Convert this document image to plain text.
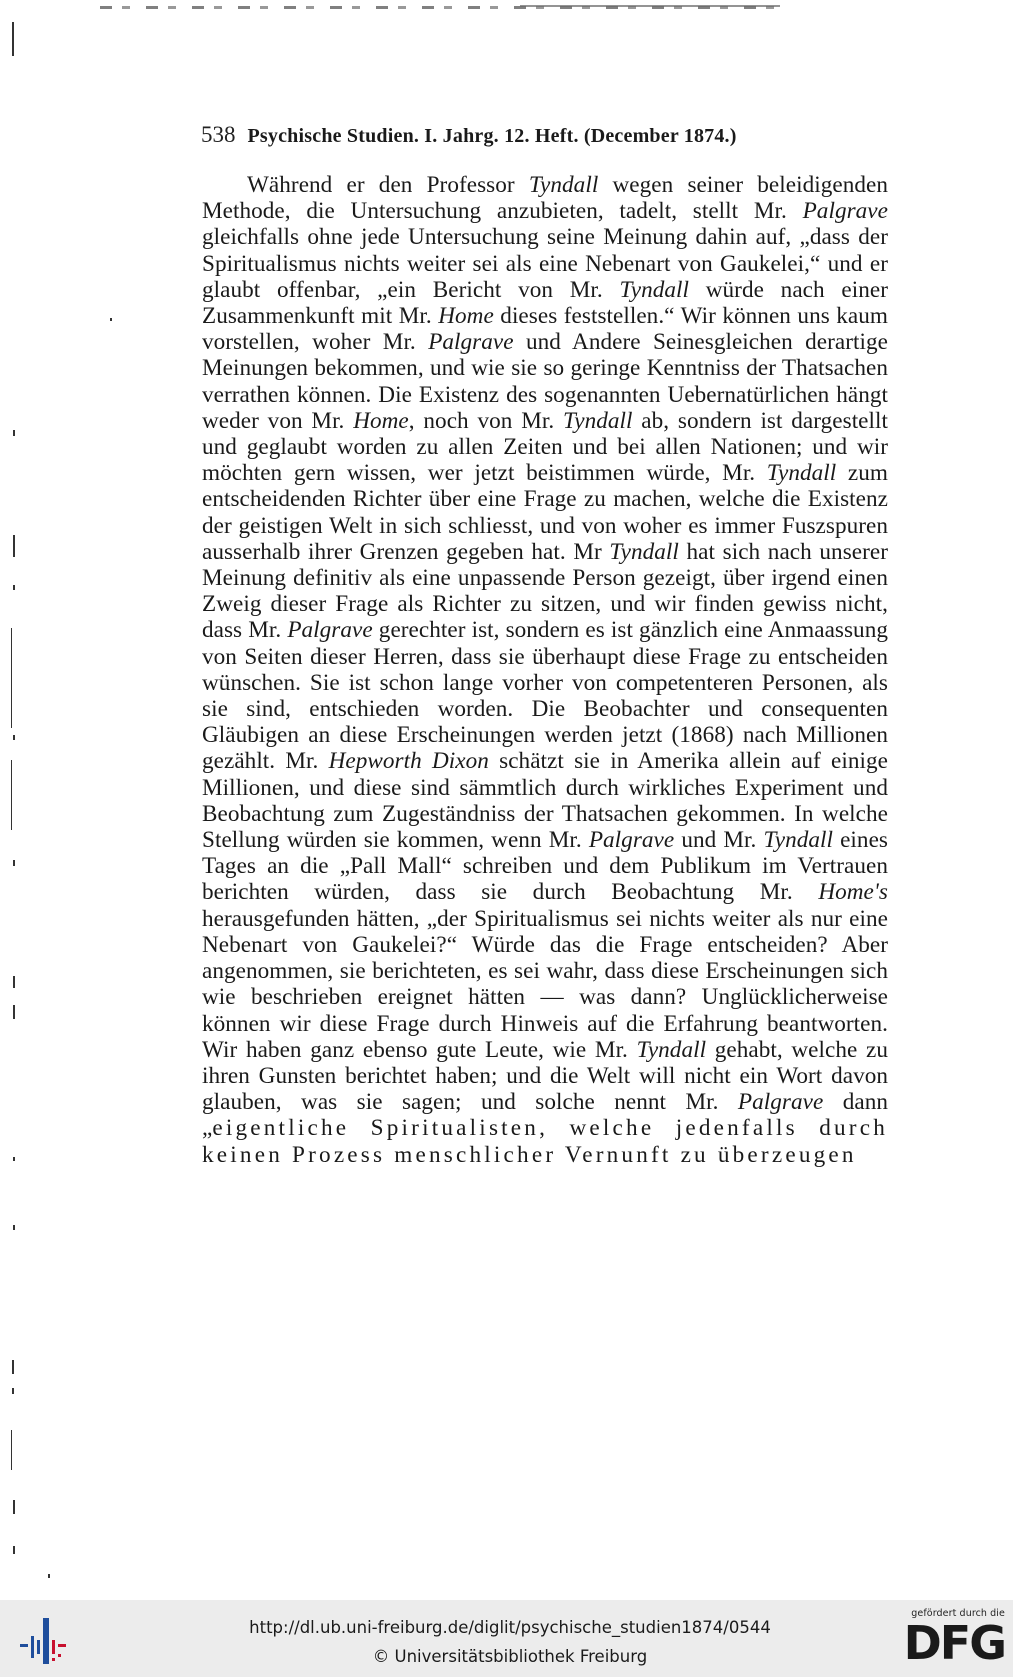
538 Psychische Studien. I. Jahrg. 12. Heft. (December 1874.)

Während er den Professor Tyndall wegen seiner beleidigenden Methode, die Untersuchung anzubieten, tadelt, stellt Mr. Palgrave gleichfalls ohne jede Untersuchung seine Meinung dahin auf, „dass der Spiritualismus nichts weiter sei als eine Nebenart von Gaukelei,“ und er glaubt offenbar, „ein Bericht von Mr. Tyndall würde nach einer Zusammenkunft mit Mr. Home dieses feststellen.“ Wir können uns kaum vorstellen, woher Mr. Palgrave und Andere Seinesgleichen derartige Meinungen bekommen, und wie sie so geringe Kenntniss der Thatsachen verrathen können. Die Existenz des sogenannten Uebernatürlichen hängt weder von Mr. Home, noch von Mr. Tyndall ab, sondern ist dargestellt und geglaubt worden zu allen Zeiten und bei allen Nationen; und wir möchten gern wissen, wer jetzt beistimmen würde, Mr. Tyndall zum entscheidenden Richter über eine Frage zu machen, welche die Existenz der geistigen Welt in sich schliesst, und von woher es immer Fuszspuren ausserhalb ihrer Grenzen gegeben hat. Mr Tyndall hat sich nach unserer Meinung definitiv als eine unpassende Person gezeigt, über irgend einen Zweig dieser Frage als Richter zu sitzen, und wir finden gewiss nicht, dass Mr. Palgrave gerechter ist, sondern es ist gänzlich eine Anmaassung von Seiten dieser Herren, dass sie überhaupt diese Frage zu entscheiden wünschen. Sie ist schon lange vorher von competenteren Personen, als sie sind, entschieden worden. Die Beobachter und consequenten Gläubigen an diese Erscheinungen werden jetzt (1868) nach Millionen gezählt. Mr. Hepworth Dixon schätzt sie in Amerika allein auf einige Millionen, und diese sind sämmtlich durch wirkliches Experiment und Beobachtung zum Zugeständniss der Thatsachen gekommen. In welche Stellung würden sie kommen, wenn Mr. Palgrave und Mr. Tyndall eines Tages an die „Pall Mall“ schreiben und dem Publikum im Vertrauen berichten würden, dass sie durch Beobachtung Mr. Home's herausgefunden hätten, „der Spiritualismus sei nichts weiter als nur eine Nebenart von Gaukelei?“ Würde das die Frage entscheiden? Aber angenommen, sie berichteten, es sei wahr, dass diese Erscheinungen sich wie beschrieben ereignet hätten — was dann? Unglücklicherweise können wir diese Frage durch Hinweis auf die Erfahrung beantworten. Wir haben ganz ebenso gute Leute, wie Mr. Tyndall gehabt, welche zu ihren Gunsten berichtet haben; und die Welt will nicht ein Wort davon glauben, was sie sagen; und solche nennt Mr. Palgrave dann „eigentliche Spiritualisten, welche jedenfalls durch keinen Prozess menschlicher Vernunft zu überzeugen

http://dl.ub.uni-freiburg.de/diglit/psychische_studien1874/0544
© Universitätsbibliothek Freiburg
gefördert durch die
DFG
